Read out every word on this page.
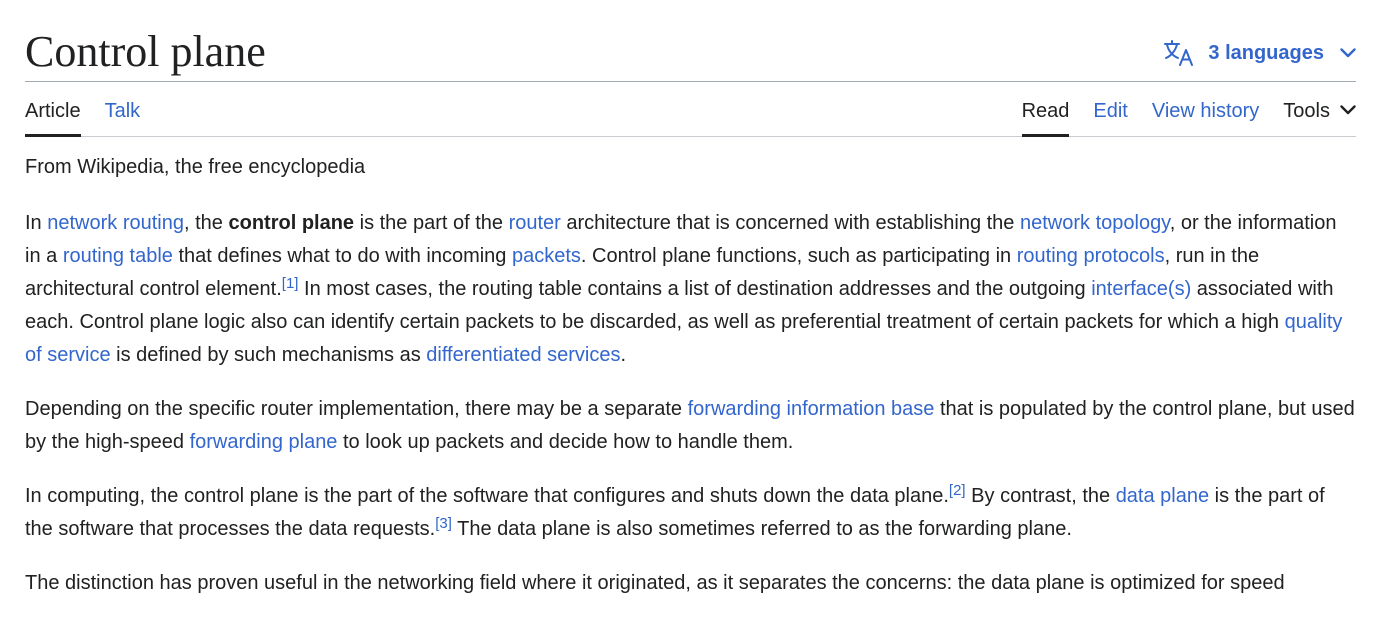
Control plane	3 languages
Article Talk	Read Edit View history Tools
From Wikipedia, the free encyclopedia

In network routing, the control plane is the part of the router architecture that is concerned with establishing the network topology, or the information in a routing table that defines what to do with incoming packets. Control plane functions, such as participating in routing protocols, run in the architectural control element.[1] In most cases, the routing table contains a list of destination addresses and the outgoing interface(s) associated with each. Control plane logic also can identify certain packets to be discarded, as well as preferential treatment of certain packets for which a high quality of service is defined by such mechanisms as differentiated services.

Depending on the specific router implementation, there may be a separate forwarding information base that is populated by the control plane, but used by the high-speed forwarding plane to look up packets and decide how to handle them.

In computing, the control plane is the part of the software that configures and shuts down the data plane.[2] By contrast, the data plane is the part of the software that processes the data requests.[3] The data plane is also sometimes referred to as the forwarding plane.

The distinction has proven useful in the networking field where it originated, as it separates the concerns: the data plane is optimized for speed
